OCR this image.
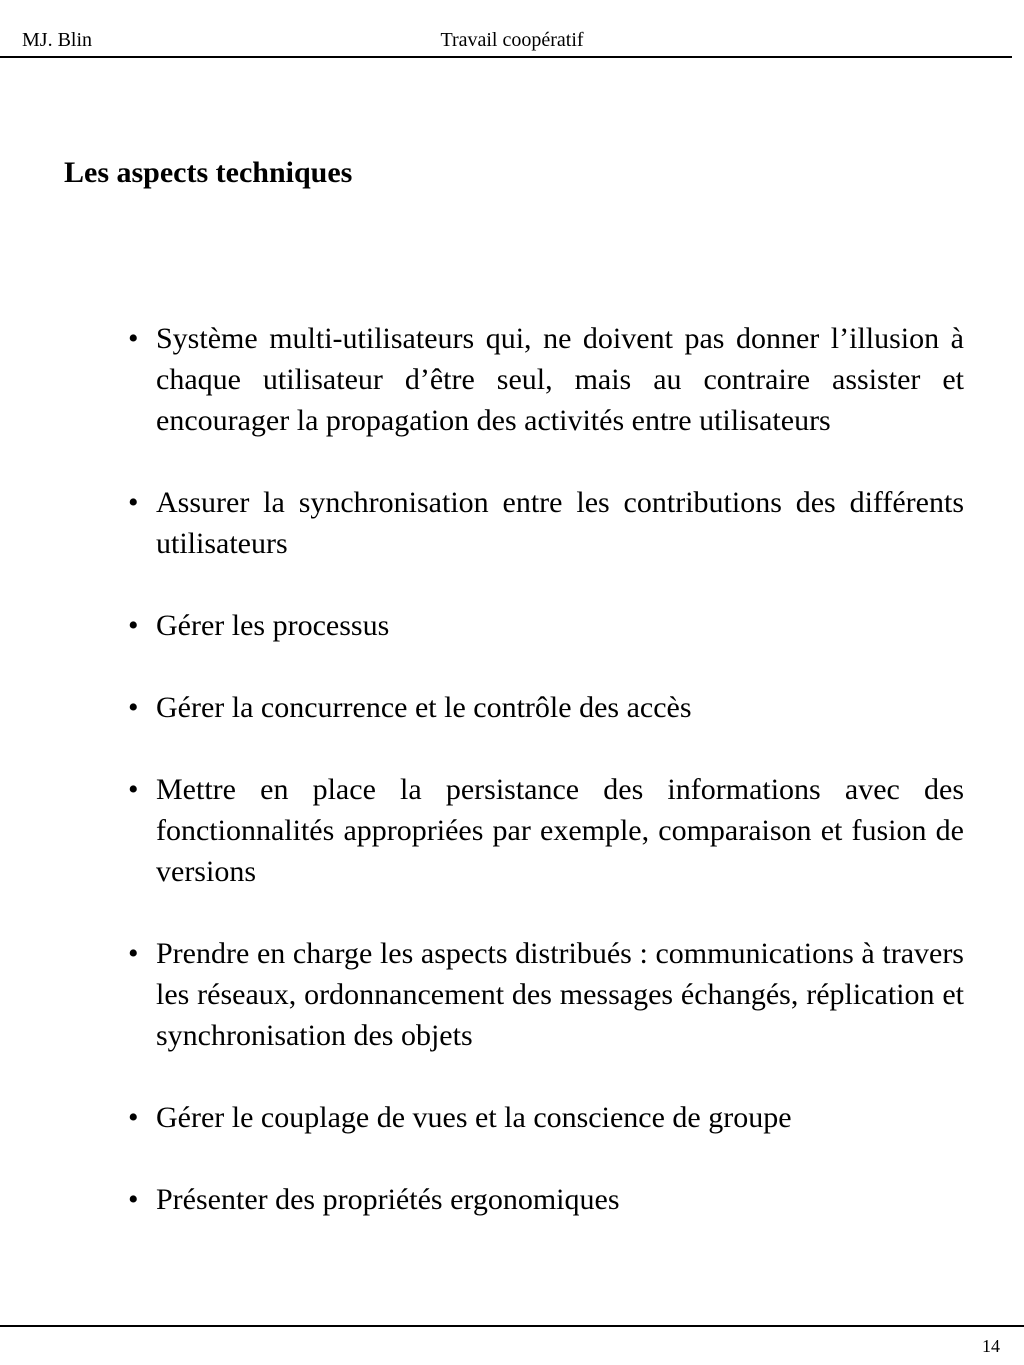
MJ. Blin	Travail coopératif
Les aspects techniques
• Système multi-utilisateurs qui, ne doivent pas donner l’illusion à chaque utilisateur d’être seul, mais au contraire assister et encourager la propagation des activités entre utilisateurs
• Assurer la synchronisation entre les contributions des différents utilisateurs
• Gérer les processus
• Gérer la concurrence et le contrôle des accès
• Mettre en place la persistance des informations avec des fonctionnalités appropriées par exemple, comparaison et fusion de versions
• Prendre en charge les aspects distribués : communications à travers les réseaux, ordonnancement des messages échangés, réplication et synchronisation des objets
• Gérer le couplage de vues et la conscience de groupe
• Présenter des propriétés ergonomiques
14
